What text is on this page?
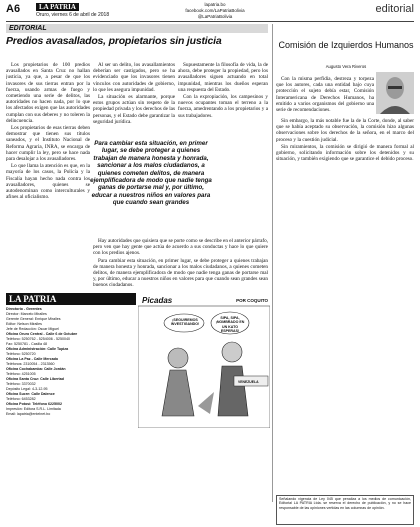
A6	LA PATRIA
Oruro, viernes 6 de abril de 2018
lapatria.bo
facebook.com/LaPatriaBolivia
@LaPatriaBolivia
editorial
EDITORIAL
Predios avasallados, propietarios sin justicia

Los propietarios de 100 predios avasallados en Santa Cruz no hallan justicia, ya que, a pesar de que los invasores de sus tierras entran por la fuerza, usando armas de fuego y cometiendo una serie de delitos, las autoridades no hacen nada, por lo que los afectados exigen que las autoridades cumplan con sus deberes y no toleren la delincuencia.

Los propietarios de esas tierras deben demostrar que tienen sus títulos saneados, y el Instituto Nacional de Reforma Agraria, INRA, se encarga de hacer cumplir la ley, pero se hace nada para desalojar a los avasalladores.

Lo que llama la atención es que, en la mayoría de los casos, la Policía y la Fiscalía hayan hecho nada contra los avasalladores, quienes se autodenominan como interculturales y afines al oficialismo.

Al ser un delito, los avasallamientos deberían ser castigados, pero se ha evidenciado que los invasores tienen vínculos con autoridades de gobierno, lo que les asegura impunidad.

La situación es alarmante, porque estos grupos actúan sin respeto de la propiedad privada y los derechos de las personas, y el Estado debe garantizar la seguridad jurídica.

Supuestamente la filosofía de vida, la de ahora, debe proteger la propiedad, pero los avasalladores siguen actuando en total impunidad, mientras los dueños esperan una respuesta del Estado.

Con la expropiación, los campesinos y nuevos ocupantes toman el terreno a la fuerza, amedrentando a los propietarios y a sus trabajadores.

Para cambiar esta situación, en primer lugar, se debe proteger a quienes trabajan de manera honesta y honrada, sancionar a los malos ciudadanos, a quienes cometen delitos, de manera ejemplificadora de modo que nadie tenga ganas de portarse mal y, por último, educar a nuestros niños en valores para que cuando sean grandes

Hay autoridades que quisiera que se porte como se describe en el anterior párrafo, pero ven que hay gente que actúa de acuerdo a sus conductas y hace lo que quiere con los predios ajenos.

Para cambiar esta situación, en primer lugar, se debe proteger a quienes trabajan de manera honesta y honrada, sancionar a los malos ciudadanos, a quienes cometen delitos, de manera ejemplificadora de modo que nadie tenga ganas de portarse mal y, por último, educar a nuestros niños en valores para que cuando sean grandes sean buenos ciudadanos.

Comisión de Izquierdos Humanos
Augusto Vera Riveros

Con la misma perfidia, destreza y torpeza que los autores, cada una entidad bajo cuya protección el sujeto debía estar, Comisión Interamericana de Derechos Humanos, ha emitido a varios organismos del gobierno una serie de recomendaciones.

Sin embargo, la más notable fue la de la Corte, donde, al saber que se había aceptado su observación, la comisión hizo algunas observaciones sobre los derechos de la señora, en el marco del proceso y la cuestión judicial.

Sin miramientos, la comisión se dirigió de manera formal al gobierno, solicitando información sobre los detenidos y su situación, y también exigiendo que se garantice el debido proceso.

LA PATRIA
Directorio - Gerentes
Director: Marcelo Miralles
Gerente General: Enrique Miralles
Editor: Nelson Miralles
Jefe de Redacción: Oscar Miguel
Oficina Oruro Central - Calle 6 de Octubre
Teléfono: 5250762 - 5254006 - 5250040
Fax: 5250781 - Casilla 48
Oficina Administración: Calle Tupiza
Teléfono: 5250720
Oficina La Paz - Calle Mercado
Teléfonos: 2310054 - 2313560
Oficina Cochabamba: Calle Jordán
Teléfono: 4251005
Oficina Santa Cruz: Calle Libertad
Teléfono: 3370032
Depósito Legal: 4-3-12-95
Oficina Sucre: Calle Dalence
Teléfono: 6453282
Oficina Potosí: Teléfono 6225002
Impresión: Editora S.R.L. Limitada
Email: lapatria@entelnet.bo
Picadas	POR COQUITO
¡SEGUIREMOS INVESTIGANDO!
SIPA, SIPA, ¡NOMBRADO EN UN KATO ESPERAS!
VENEZUELA
Señalando vigencia de Ley 045 que penaliza a los medios de comunicación, Editorial LA PATRIA Ltda. se reserva el derecho de publicación, y no se hace responsable de las opiniones vertidas en las columnas de opinión.
